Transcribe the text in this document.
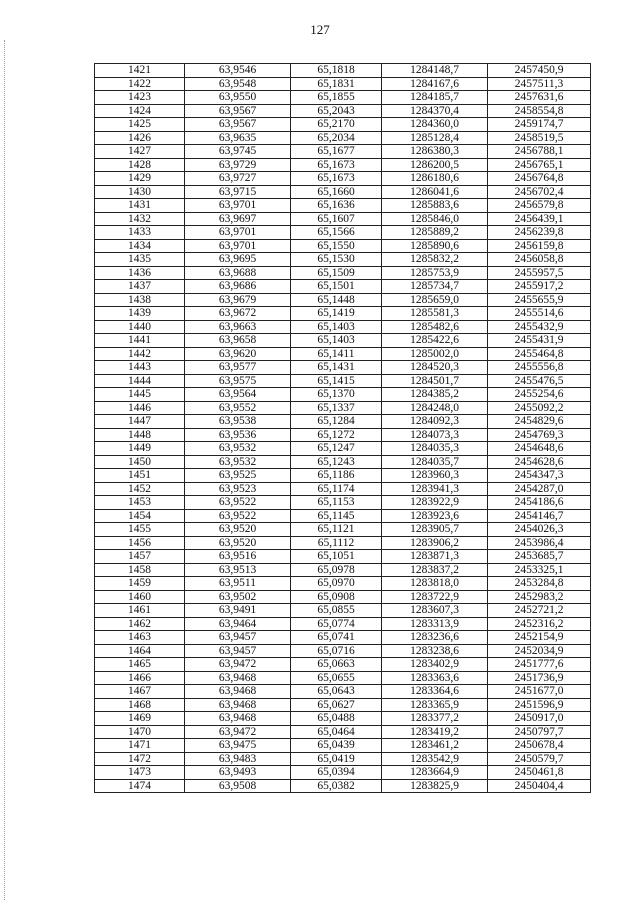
127
1421	63,9546	65,1818	1284148,7	2457450,9
1422	63,9548	65,1831	1284167,6	2457511,3
1423	63,9550	65,1855	1284185,7	2457631,6
1424	63,9567	65,2043	1284370,4	2458554,8
1425	63,9567	65,2170	1284360,0	2459174,7
1426	63,9635	65,2034	1285128,4	2458519,5
1427	63,9745	65,1677	1286380,3	2456788,1
1428	63,9729	65,1673	1286200,5	2456765,1
1429	63,9727	65,1673	1286180,6	2456764,8
1430	63,9715	65,1660	1286041,6	2456702,4
1431	63,9701	65,1636	1285883,6	2456579,8
1432	63,9697	65,1607	1285846,0	2456439,1
1433	63,9701	65,1566	1285889,2	2456239,8
1434	63,9701	65,1550	1285890,6	2456159,8
1435	63,9695	65,1530	1285832,2	2456058,8
1436	63,9688	65,1509	1285753,9	2455957,5
1437	63,9686	65,1501	1285734,7	2455917,2
1438	63,9679	65,1448	1285659,0	2455655,9
1439	63,9672	65,1419	1285581,3	2455514,6
1440	63,9663	65,1403	1285482,6	2455432,9
1441	63,9658	65,1403	1285422,6	2455431,9
1442	63,9620	65,1411	1285002,0	2455464,8
1443	63,9577	65,1431	1284520,3	2455556,8
1444	63,9575	65,1415	1284501,7	2455476,5
1445	63,9564	65,1370	1284385,2	2455254,6
1446	63,9552	65,1337	1284248,0	2455092,2
1447	63,9538	65,1284	1284092,3	2454829,6
1448	63,9536	65,1272	1284073,3	2454769,3
1449	63,9532	65,1247	1284035,3	2454648,6
1450	63,9532	65,1243	1284035,7	2454628,6
1451	63,9525	65,1186	1283960,3	2454347,3
1452	63,9523	65,1174	1283941,3	2454287,0
1453	63,9522	65,1153	1283922,9	2454186,6
1454	63,9522	65,1145	1283923,6	2454146,7
1455	63,9520	65,1121	1283905,7	2454026,3
1456	63,9520	65,1112	1283906,2	2453986,4
1457	63,9516	65,1051	1283871,3	2453685,7
1458	63,9513	65,0978	1283837,2	2453325,1
1459	63,9511	65,0970	1283818,0	2453284,8
1460	63,9502	65,0908	1283722,9	2452983,2
1461	63,9491	65,0855	1283607,3	2452721,2
1462	63,9464	65,0774	1283313,9	2452316,2
1463	63,9457	65,0741	1283236,6	2452154,9
1464	63,9457	65,0716	1283238,6	2452034,9
1465	63,9472	65,0663	1283402,9	2451777,6
1466	63,9468	65,0655	1283363,6	2451736,9
1467	63,9468	65,0643	1283364,6	2451677,0
1468	63,9468	65,0627	1283365,9	2451596,9
1469	63,9468	65,0488	1283377,2	2450917,0
1470	63,9472	65,0464	1283419,2	2450797,7
1471	63,9475	65,0439	1283461,2	2450678,4
1472	63,9483	65,0419	1283542,9	2450579,7
1473	63,9493	65,0394	1283664,9	2450461,8
1474	63,9508	65,0382	1283825,9	2450404,4
